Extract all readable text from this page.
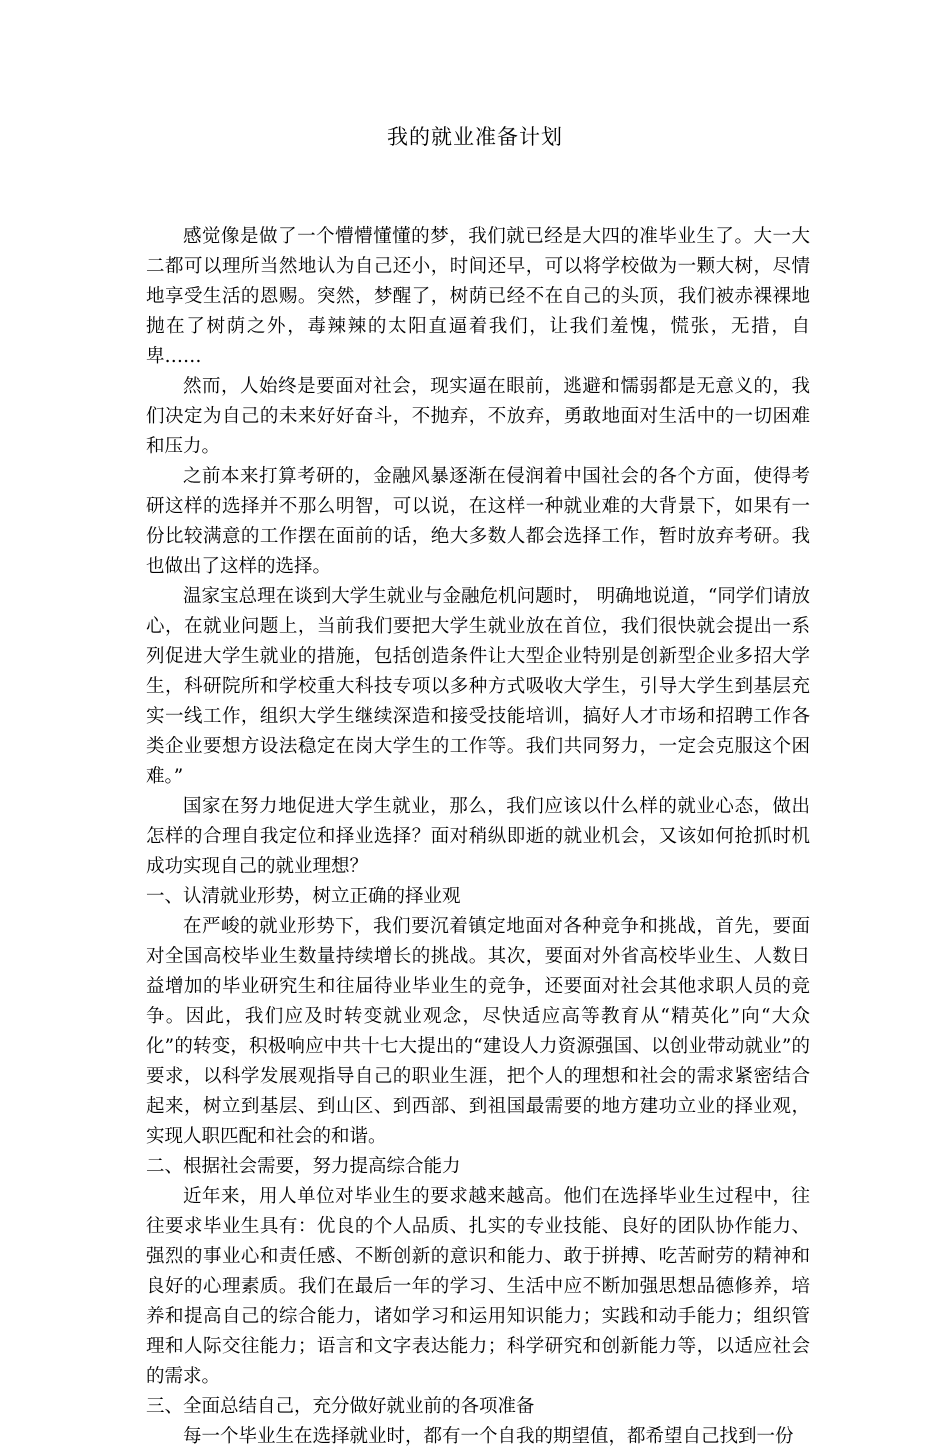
我的就业准备计划

感觉像是做了一个懵懵懂懂的梦，我们就已经是大四的准毕业生了。大一大二都可以理所当然地认为自己还小，时间还早，可以将学校做为一颗大树，尽情地享受生活的恩赐。突然，梦醒了，树荫已经不在自己的头顶，我们被赤裸裸地抛在了树荫之外，毒辣辣的太阳直逼着我们，让我们羞愧，慌张，无措，自卑……

然而，人始终是要面对社会，现实逼在眼前，逃避和懦弱都是无意义的，我们决定为自己的未来好好奋斗，不抛弃，不放弃，勇敢地面对生活中的一切困难和压力。

之前本来打算考研的，金融风暴逐渐在侵润着中国社会的各个方面，使得考研这样的选择并不那么明智，可以说，在这样一种就业难的大背景下，如果有一份比较满意的工作摆在面前的话，绝大多数人都会选择工作，暂时放弃考研。我也做出了这样的选择。

温家宝总理在谈到大学生就业与金融危机问题时， 明确地说道，“同学们请放心，在就业问题上，当前我们要把大学生就业放在首位，我们很快就会提出一系列促进大学生就业的措施，包括创造条件让大型企业特别是创新型企业多招大学生，科研院所和学校重大科技专项以多种方式吸收大学生，引导大学生到基层充实一线工作，组织大学生继续深造和接受技能培训，搞好人才市场和招聘工作各类企业要想方设法稳定在岗大学生的工作等。我们共同努力，一定会克服这个困难。”

国家在努力地促进大学生就业，那么，我们应该以什么样的就业心态，做出怎样的合理自我定位和择业选择？面对稍纵即逝的就业机会，又该如何抢抓时机成功实现自己的就业理想？

一、认清就业形势，树立正确的择业观

在严峻的就业形势下，我们要沉着镇定地面对各种竞争和挑战，首先，要面对全国高校毕业生数量持续增长的挑战。其次，要面对外省高校毕业生、人数日益增加的毕业研究生和往届待业毕业生的竞争，还要面对社会其他求职人员的竞争。因此，我们应及时转变就业观念，尽快适应高等教育从“精英化”向“大众化”的转变，积极响应中共十七大提出的“建设人力资源强国、以创业带动就业”的要求，以科学发展观指导自己的职业生涯，把个人的理想和社会的需求紧密结合起来，树立到基层、到山区、到西部、到祖国最需要的地方建功立业的择业观，实现人职匹配和社会的和谐。

二、根据社会需要，努力提高综合能力

近年来，用人单位对毕业生的要求越来越高。他们在选择毕业生过程中，往往要求毕业生具有：优良的个人品质、扎实的专业技能、良好的团队协作能力、强烈的事业心和责任感、不断创新的意识和能力、敢于拼搏、吃苦耐劳的精神和良好的心理素质。我们在最后一年的学习、生活中应不断加强思想品德修养，培养和提高自己的综合能力，诸如学习和运用知识能力；实践和动手能力；组织管理和人际交往能力；语言和文字表达能力；科学研究和创新能力等，以适应社会的需求。

三、全面总结自己，充分做好就业前的各项准备

每一个毕业生在选择就业时，都有一个自我的期望值，都希望自己找到一份
